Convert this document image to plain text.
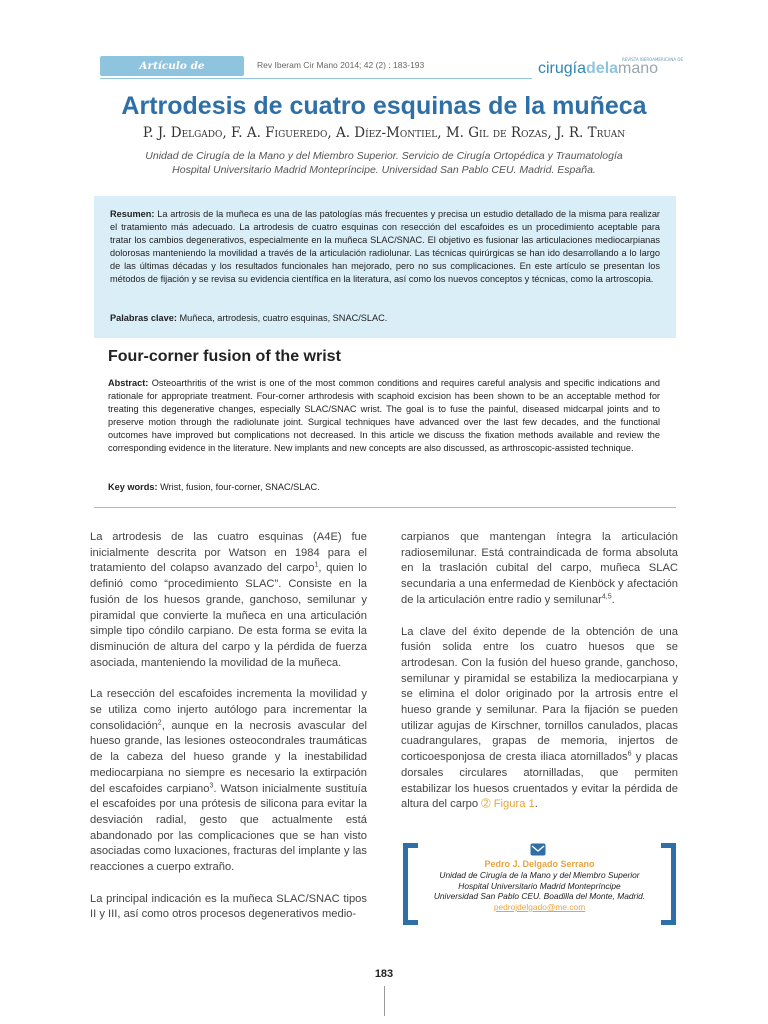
Artículo de actualización
Rev Iberam Cir Mano 2014; 42 (2) : 183-193
REVISTA IBEROAMERICANA DE
cirugíadelamano
Artrodesis de cuatro esquinas de la muñeca
P. J. Delgado, F. A. Figueredo, A. Díez-Montiel, M. Gil de Rozas, J. R. Truan
Unidad de Cirugía de la Mano y del Miembro Superior. Servicio de Cirugía Ortopédica y Traumatología
Hospital Universitario Madrid Montepríncipe. Universidad San Pablo CEU. Madrid. España.
Resumen: La artrosis de la muñeca es una de las patologías más frecuentes y precisa un estudio detallado de la misma para realizar el tratamiento más adecuado. La artrodesis de cuatro esquinas con resección del escafoides es un procedimiento aceptable para tratar los cambios degenerativos, especialmente en la muñeca SLAC/SNAC. El objetivo es fusionar las articulaciones mediocarpianas dolorosas manteniendo la movilidad a través de la articulación radiolunar. Las técnicas quirúrgicas se han ido desarrollando a lo largo de las últimas décadas y los resultados funcionales han mejorado, pero no sus complicaciones. En este artículo se presentan los métodos de fijación y se revisa su evidencia científica en la literatura, así como los nuevos conceptos y técnicas, como la artroscopia.
Palabras clave: Muñeca, artrodesis, cuatro esquinas, SNAC/SLAC.
Four-corner fusion of the wrist
Abstract: Osteoarthritis of the wrist is one of the most common conditions and requires careful analysis and specific indications and rationale for appropriate treatment. Four-corner arthrodesis with scaphoid excision has been shown to be an acceptable method for treating this degenerative changes, especially SLAC/SNAC wrist. The goal is to fuse the painful, diseased midcarpal joints and to preserve motion through the radiolunate joint. Surgical techniques have advanced over the last few decades, and the functional outcomes have improved but complications not decreased. In this article we discuss the fixation methods available and review the corresponding evidence in the literature. New implants and new concepts are also discussed, as arthroscopic-assisted technique.
Key words: Wrist, fusion, four-corner, SNAC/SLAC.

La artrodesis de las cuatro esquinas (A4E) fue inicialmente descrita por Watson en 1984 para el tratamiento del colapso avanzado del carpo$^1$, quien lo definió como “procedimiento SLAC”. Consiste en la fusión de los huesos grande, ganchoso, semilunar y piramidal que convierte la muñeca en una articulación simple tipo cóndilo carpiano. De esta forma se evita la disminución de altura del carpo y la pérdida de fuerza asociada, manteniendo la movilidad de la muñeca.

La resección del escafoides incrementa la movilidad y se utiliza como injerto autólogo para incrementar la consolidación$^2$, aunque en la necrosis avascular del hueso grande, las lesiones osteocondrales traumáticas de la cabeza del hueso grande y la inestabilidad mediocarpiana no siempre es necesario la extirpación del escafoides carpiano$^3$. Watson inicialmente sustituía el escafoides por una prótesis de silicona para evitar la desviación radial, gesto que actualmente está abandonado por las complicaciones que se han visto asociadas como luxaciones, fracturas del implante y las reacciones a cuerpo extraño.

La principal indicación es la muñeca SLAC/SNAC tipos II y III, así como otros procesos degenerativos medio-

carpianos que mantengan íntegra la articulación radiosemilunar. Está contraindicada de forma absoluta en la traslación cubital del carpo, muñeca SLAC secundaria a una enfermedad de Kienböck y afectación de la articulación entre radio y semilunar$^{4,5}$.

La clave del éxito depende de la obtención de una fusión solida entre los cuatro huesos que se artrodesan. Con la fusión del hueso grande, ganchoso, semilunar y piramidal se estabiliza la mediocarpiana y se elimina el dolor originado por la artrosis entre el hueso grande y semilunar. Para la fijación se pueden utilizar agujas de Kirschner, tornillos canulados, placas cuadrangulares, grapas de memoria, injertos de corticoesponjosa de cresta iliaca atornillados$^6$ y placas dorsales circulares atornilladas, que permiten estabilizar los huesos cruentados y evitar la pérdida de altura del carpo ➁ Figura 1.

Pedro J. Delgado Serrano
Unidad de Cirugía de la Mano y del Miembro Superior
Hospital Universitario Madrid Montepríncipe
Universidad San Pablo CEU. Boadilla del Monte, Madrid.
pedrojdelgado@me.com
183
